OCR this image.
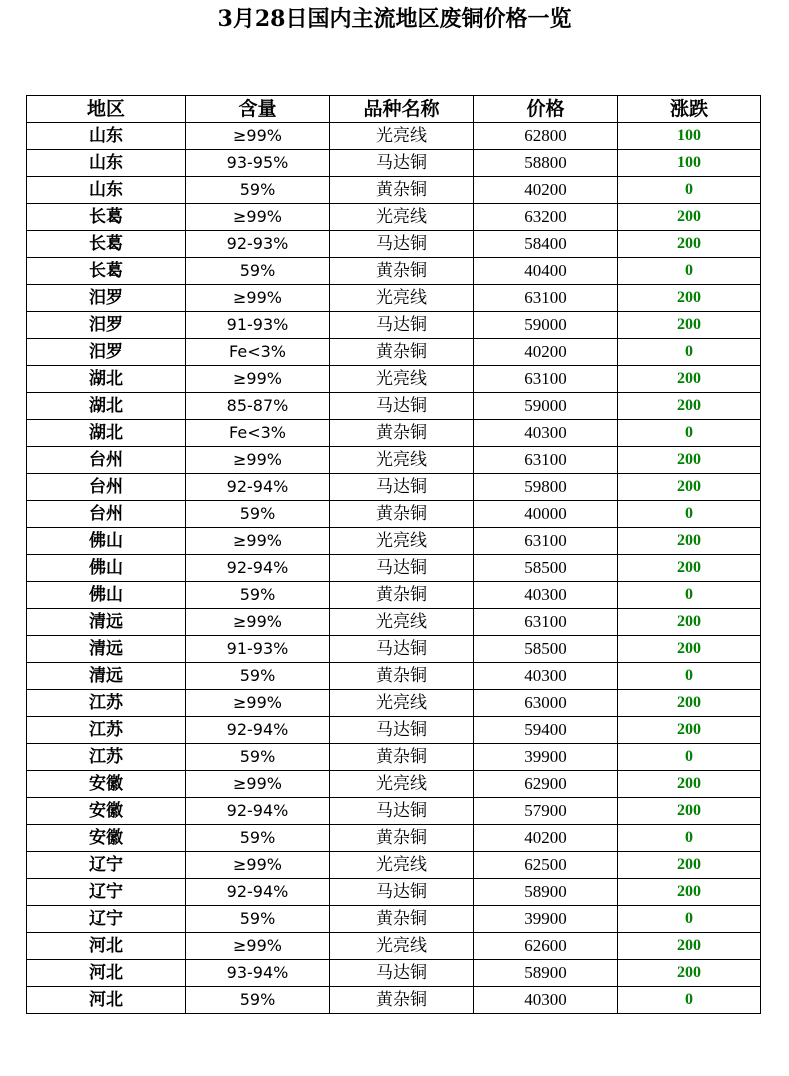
3月28日国内主流地区废铜价格一览
地区	含量	品种名称	价格	涨跌
山东	≥99%	光亮线	62800	100
山东	93-95%	马达铜	58800	100
山东	59%	黄杂铜	40200	0
长葛	≥99%	光亮线	63200	200
长葛	92-93%	马达铜	58400	200
长葛	59%	黄杂铜	40400	0
汨罗	≥99%	光亮线	63100	200
汨罗	91-93%	马达铜	59000	200
汨罗	Fe<3%	黄杂铜	40200	0
湖北	≥99%	光亮线	63100	200
湖北	85-87%	马达铜	59000	200
湖北	Fe<3%	黄杂铜	40300	0
台州	≥99%	光亮线	63100	200
台州	92-94%	马达铜	59800	200
台州	59%	黄杂铜	40000	0
佛山	≥99%	光亮线	63100	200
佛山	92-94%	马达铜	58500	200
佛山	59%	黄杂铜	40300	0
清远	≥99%	光亮线	63100	200
清远	91-93%	马达铜	58500	200
清远	59%	黄杂铜	40300	0
江苏	≥99%	光亮线	63000	200
江苏	92-94%	马达铜	59400	200
江苏	59%	黄杂铜	39900	0
安徽	≥99%	光亮线	62900	200
安徽	92-94%	马达铜	57900	200
安徽	59%	黄杂铜	40200	0
辽宁	≥99%	光亮线	62500	200
辽宁	92-94%	马达铜	58900	200
辽宁	59%	黄杂铜	39900	0
河北	≥99%	光亮线	62600	200
河北	93-94%	马达铜	58900	200
河北	59%	黄杂铜	40300	0
